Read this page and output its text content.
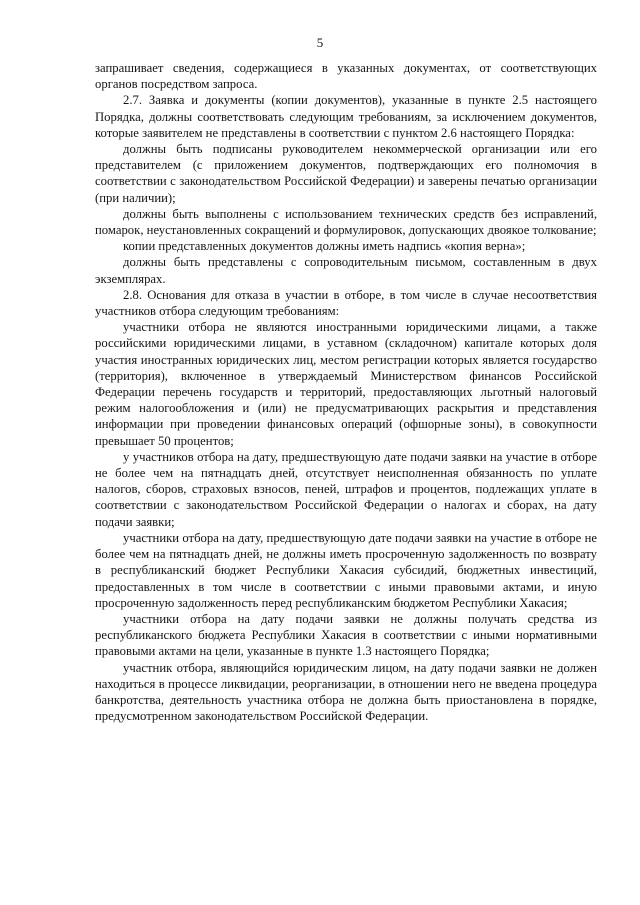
5

запрашивает сведения, содержащиеся в указанных документах, от соответствующих органов посредством запроса.

2.7. Заявка и документы (копии документов), указанные в пункте 2.5 настоящего Порядка, должны соответствовать следующим требованиям, за исключением документов, которые заявителем не представлены в соответствии с пунктом 2.6 настоящего Порядка:

должны быть подписаны руководителем некоммерческой организации или его представителем (с приложением документов, подтверждающих его полномочия в соответствии с законодательством Российской Федерации) и заверены печатью организации (при наличии);

должны быть выполнены с использованием технических средств без исправлений, помарок, неустановленных сокращений и формулировок, допускающих двоякое толкование;

копии представленных документов должны иметь надпись «копия верна»;

должны быть представлены с сопроводительным письмом, составленным в двух экземплярах.

2.8. Основания для отказа в участии в отборе, в том числе в случае несоответствия участников отбора следующим требованиям:

участники отбора не являются иностранными юридическими лицами, а также российскими юридическими лицами, в уставном (складочном) капитале которых доля участия иностранных юридических лиц, местом регистрации которых является государство (территория), включенное в утверждаемый Министерством финансов Российской Федерации перечень государств и территорий, предоставляющих льготный налоговый режим налогообложения и (или) не предусматривающих раскрытия и представления информации при проведении финансовых операций (офшорные зоны), в совокупности превышает 50 процентов;

у участников отбора на дату, предшествующую дате подачи заявки на участие в отборе не более чем на пятнадцать дней, отсутствует неисполненная обязанность по уплате налогов, сборов, страховых взносов, пеней, штрафов и процентов, подлежащих уплате в соответствии с законодательством Российской Федерации о налогах и сборах, на дату подачи заявки;

участники отбора на дату, предшествующую дате подачи заявки на участие в отборе не более чем на пятнадцать дней, не должны иметь просроченную задолженность по возврату в республиканский бюджет Республики Хакасия субсидий, бюджетных инвестиций, предоставленных в том числе в соответствии с иными правовыми актами, и иную просроченную задолженность перед республиканским бюджетом Республики Хакасия;

участники отбора на дату подачи заявки не должны получать средства из республиканского бюджета Республики Хакасия в соответствии с иными нормативными правовыми актами на цели, указанные в пункте 1.3 настоящего Порядка;

участник отбора, являющийся юридическим лицом, на дату подачи заявки не должен находиться в процессе ликвидации, реорганизации, в отношении него не введена процедура банкротства, деятельность участника отбора не должна быть приостановлена в порядке, предусмотренном законодательством Российской Федерации.
